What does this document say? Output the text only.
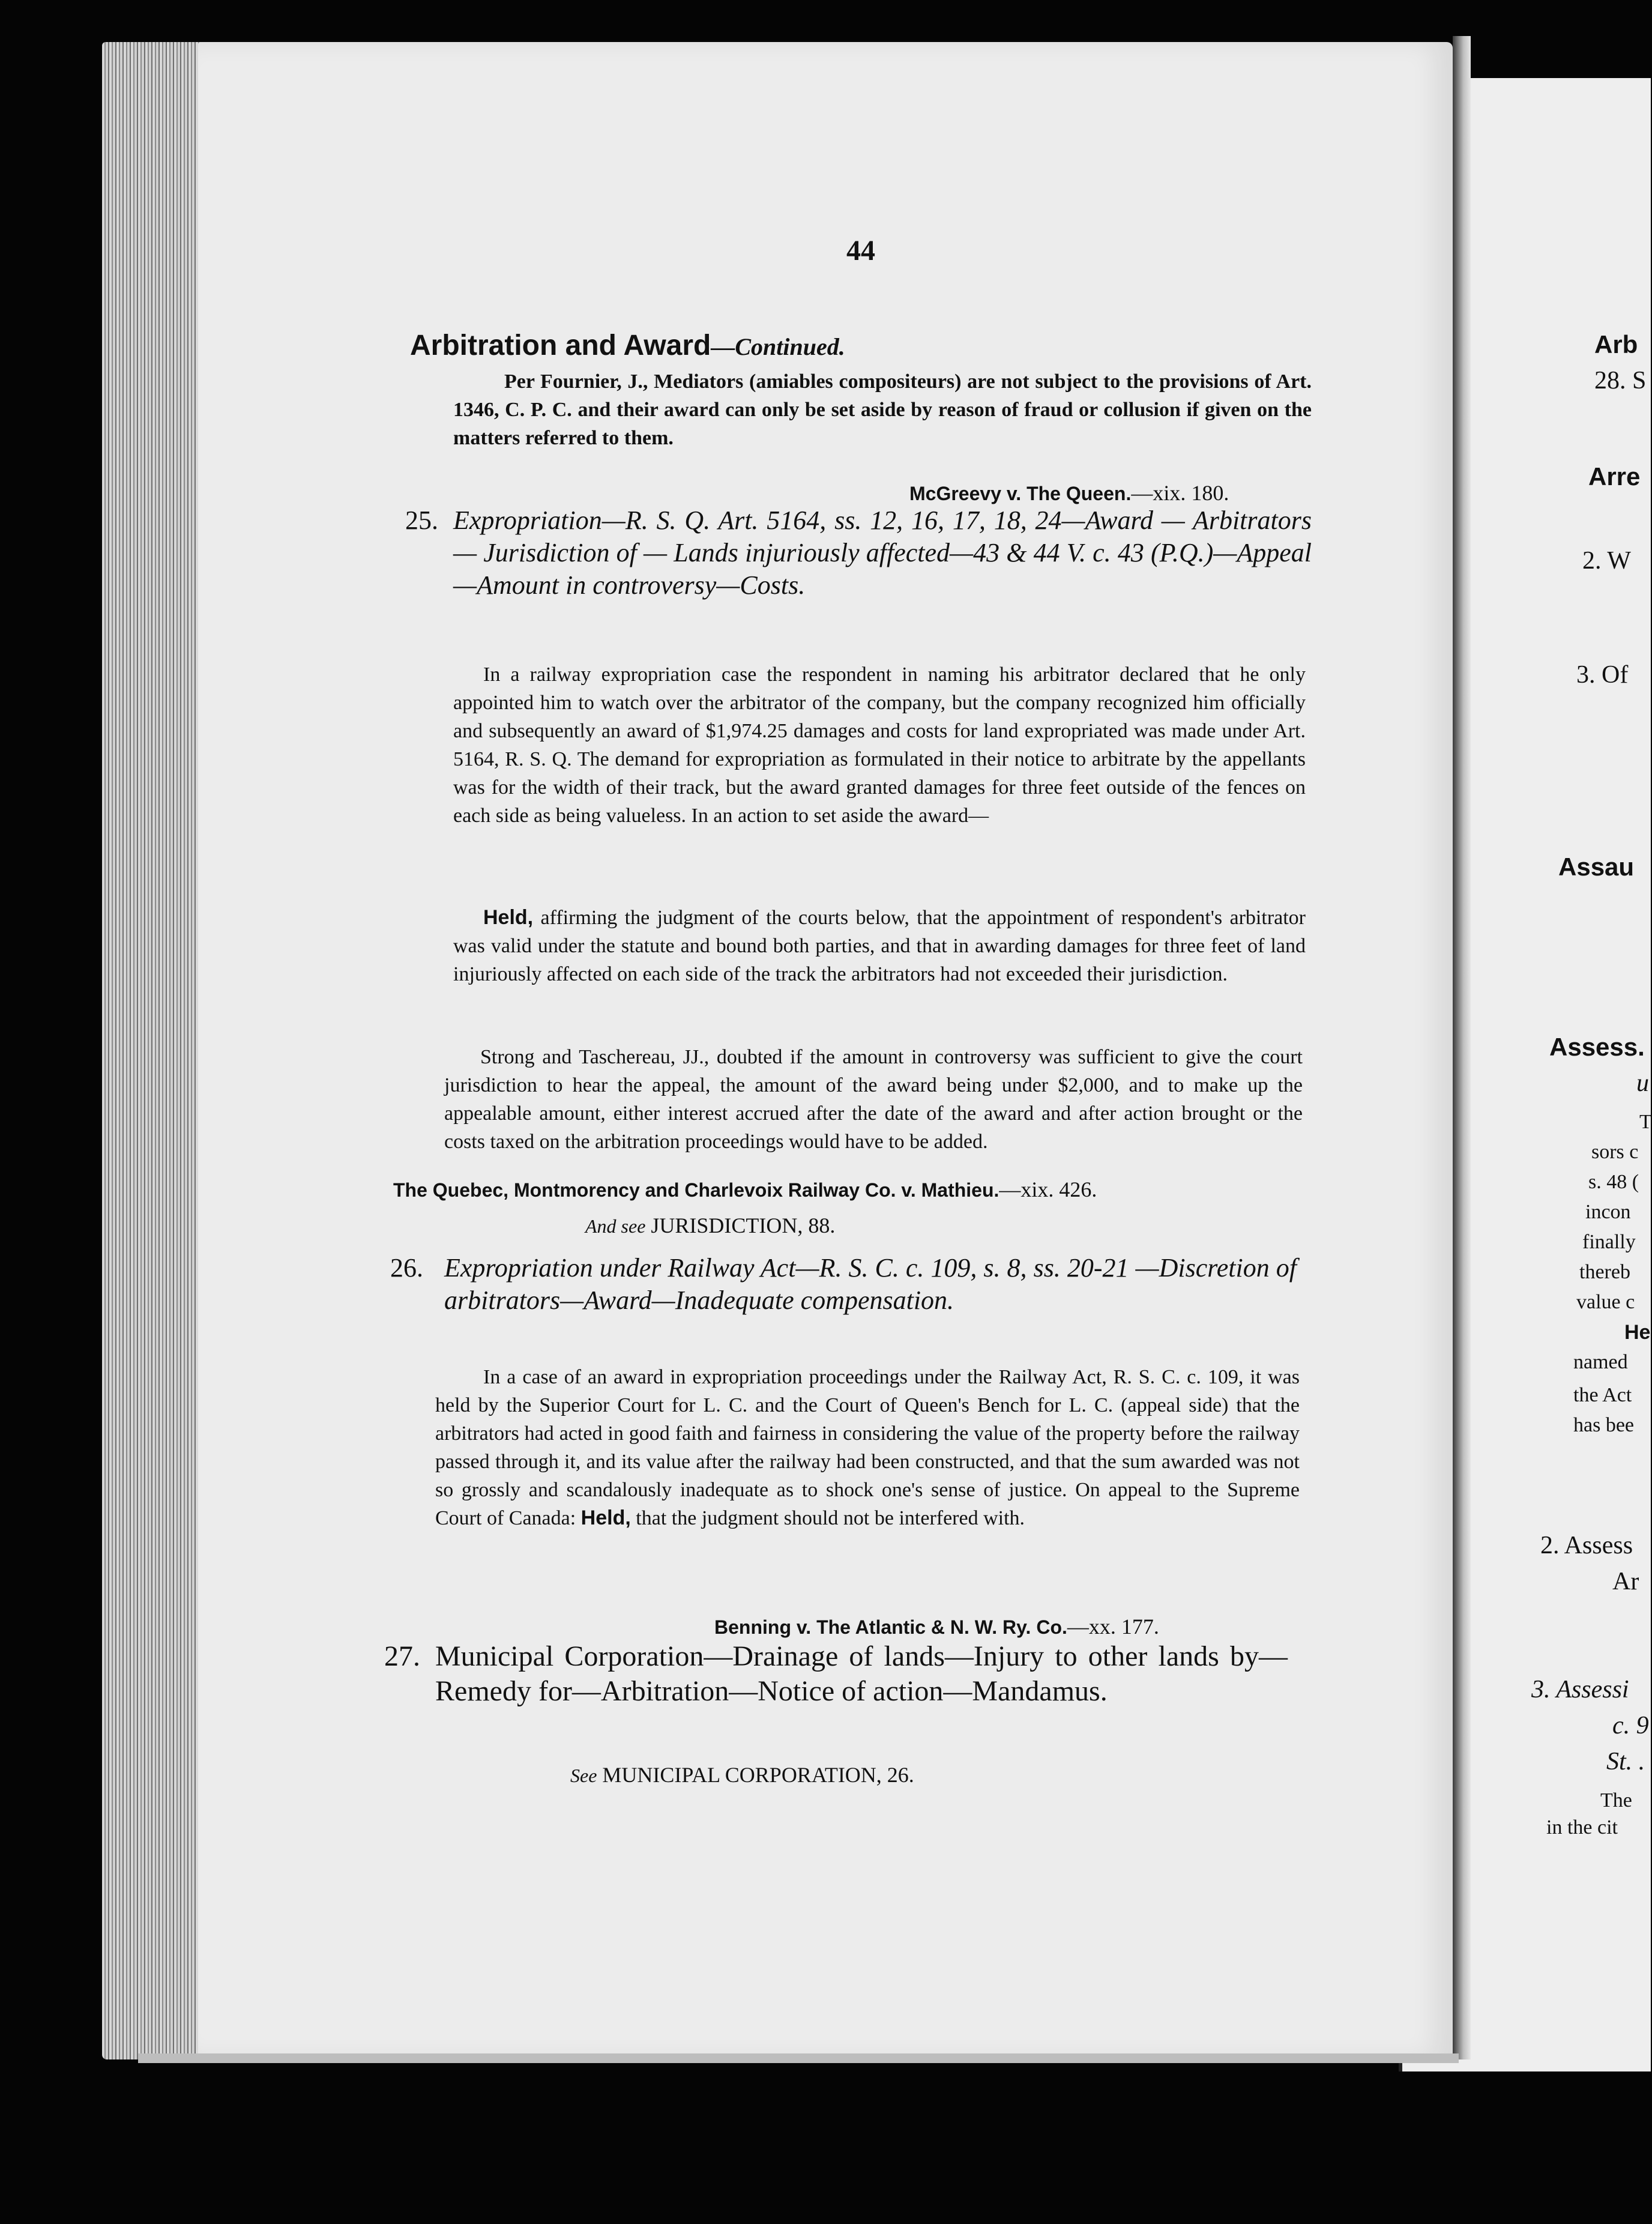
Arb
28. S
Arre
2. W
3. Of
Assau
Assess.
u
T
sors c
s. 48 (
incon
finally
thereb
value c
He
named
the Act
has bee
2. Assess
Ar
3. Assessi
c. 9
St. .
The
in the cit
44
Arbitration and Award—Continued.
Per Fournier, J., Mediators (amiables compositeurs) are not subject to the provisions of Art. 1346, C. P. C. and their award can only be set aside by reason of fraud or collusion if given on the matters referred to them.
McGreevy v. The Queen.—xix. 180.
25. Expropriation—R. S. Q. Art. 5164, ss. 12, 16, 17, 18, 24—Award — Arbitrators — Jurisdiction of — Lands injuriously affected—43 & 44 V. c. 43 (P.Q.)—Appeal—Amount in controversy—Costs.
In a railway expropriation case the respondent in naming his arbitrator declared that he only appointed him to watch over the arbitrator of the company, but the company recognized him officially and subsequently an award of $1,974.25 damages and costs for land expropriated was made under Art. 5164, R. S. Q. The demand for expropriation as formulated in their notice to arbitrate by the appellants was for the width of their track, but the award granted damages for three feet outside of the fences on each side as being valueless. In an action to set aside the award—
Held, affirming the judgment of the courts below, that the appointment of respondent's arbitrator was valid under the statute and bound both parties, and that in awarding damages for three feet of land injuriously affected on each side of the track the arbitrators had not exceeded their jurisdiction.
Strong and Taschereau, JJ., doubted if the amount in controversy was sufficient to give the court jurisdiction to hear the appeal, the amount of the award being under $2,000, and to make up the appealable amount, either interest accrued after the date of the award and after action brought or the costs taxed on the arbitration proceedings would have to be added.
The Quebec, Montmorency and Charlevoix Railway Co. v. Mathieu.—xix. 426.
And see JURISDICTION, 88.
26. Expropriation under Railway Act—R. S. C. c. 109, s. 8, ss. 20-21 —Discretion of arbitrators—Award—Inadequate compensation.
In a case of an award in expropriation proceedings under the Railway Act, R. S. C. c. 109, it was held by the Superior Court for L. C. and the Court of Queen's Bench for L. C. (appeal side) that the arbitrators had acted in good faith and fairness in considering the value of the property before the railway passed through it, and its value after the railway had been constructed, and that the sum awarded was not so grossly and scandalously inadequate as to shock one's sense of justice. On appeal to the Supreme Court of Canada: Held, that the judgment should not be interfered with.
Benning v. The Atlantic & N. W. Ry. Co.—xx. 177.
27. Municipal Corporation—Drainage of lands—Injury to other lands by—Remedy for—Arbitration—Notice of action—Mandamus.
See MUNICIPAL CORPORATION, 26.
